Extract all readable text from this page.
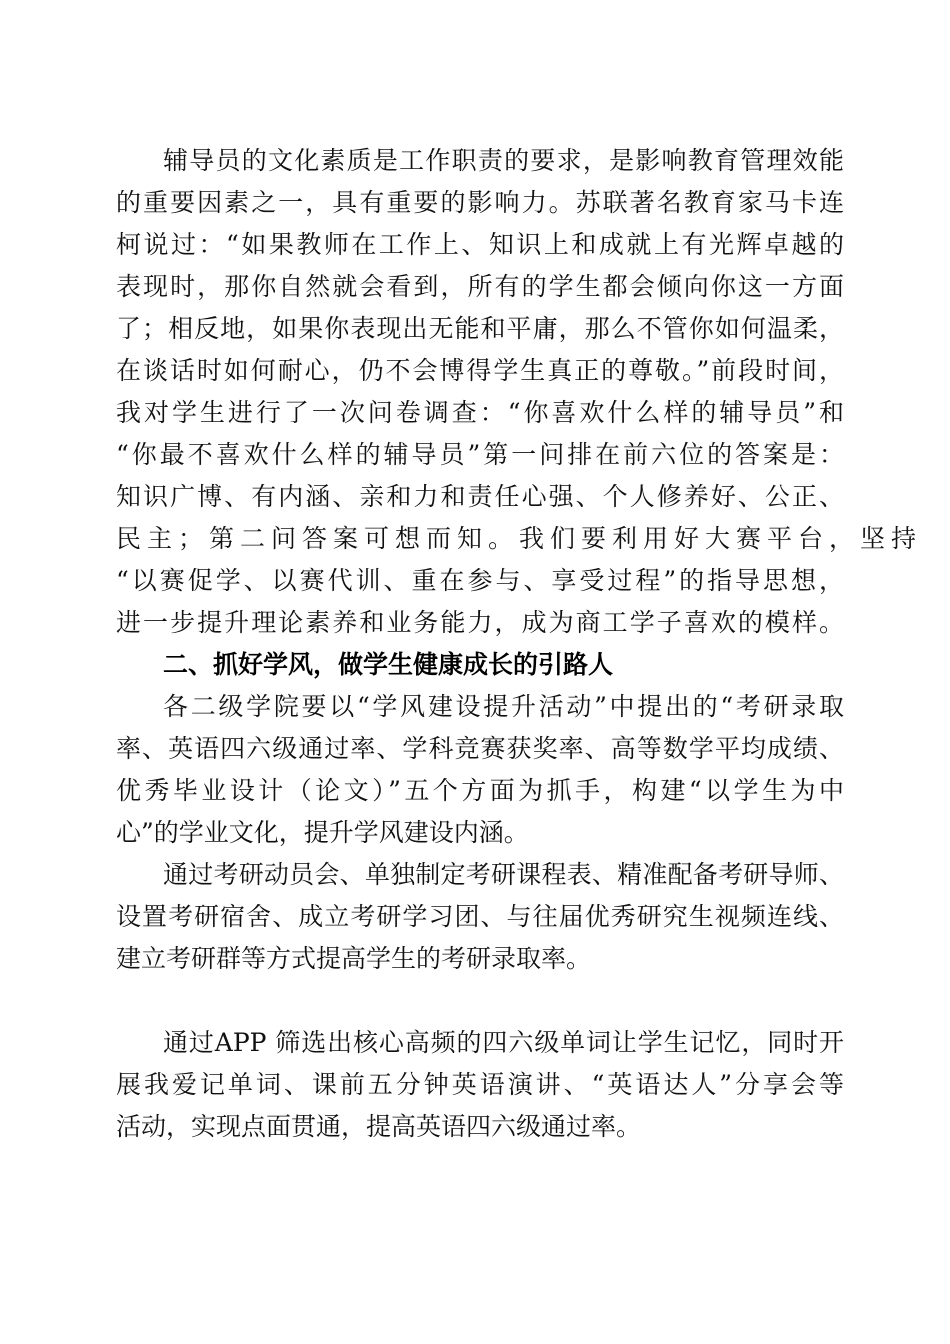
辅导员的文化素质是工作职责的要求，是影响教育管理效能
的重要因素之一，具有重要的影响力。苏联著名教育家马卡连
柯说过：“如果教师在工作上、知识上和成就上有光辉卓越的
表现时，那你自然就会看到，所有的学生都会倾向你这一方面
了；相反地，如果你表现出无能和平庸，那么不管你如何温柔，
在谈话时如何耐心，仍不会博得学生真正的尊敬。”前段时间，
我对学生进行了一次问卷调查：“你喜欢什么样的辅导员”和
“你最不喜欢什么样的辅导员”第一问排在前六位的答案是：
知识广博、有内涵、亲和力和责任心强、个人修养好、公正、
民主；第二问答案可想而知。我们要利用好大赛平台，坚持
“以赛促学、以赛代训、重在参与、享受过程”的指导思想，
进一步提升理论素养和业务能力，成为商工学子喜欢的模样。
二、抓好学风，做学生健康成长的引路人
各二级学院要以“学风建设提升活动”中提出的“考研录取
率、英语四六级通过率、学科竞赛获奖率、高等数学平均成绩、
优秀毕业设计（论文）”五个方面为抓手，构建“以学生为中
心”的学业文化，提升学风建设内涵。
通过考研动员会、单独制定考研课程表、精准配备考研导师、
设置考研宿舍、成立考研学习团、与往届优秀研究生视频连线、
建立考研群等方式提高学生的考研录取率。
通过APP 筛选出核心高频的四六级单词让学生记忆，同时开
展我爱记单词、课前五分钟英语演讲、“英语达人”分享会等
活动，实现点面贯通，提高英语四六级通过率。
